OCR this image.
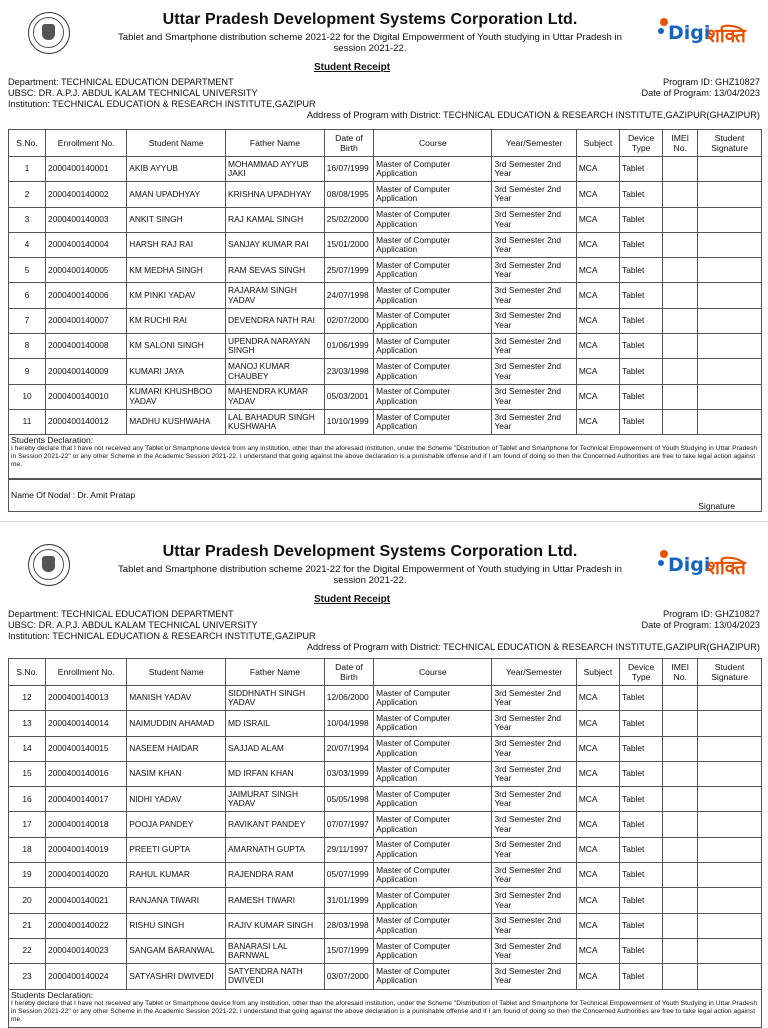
Uttar Pradesh Development Systems Corporation Ltd.
Tablet and Smartphone distribution scheme 2021-22 for the Digital Empowerment of Youth studying in Uttar Pradesh in
session 2021-22.
Digi
शक्ति
Student Receipt
Department: TECHNICAL EDUCATION DEPARTMENT
UBSC: DR. A.P.J. ABDUL KALAM TECHNICAL UNIVERSITY
Institution: TECHNICAL EDUCATION & RESEARCH INSTITUTE,GAZIPUR
Program ID: GHZ10827
Date of Program: 13/04/2023
Address of Program with District: TECHNICAL EDUCATION & RESEARCH INSTITUTE,GAZIPUR(GHAZIPUR)
S.No.	Enrollment No.	Student Name	Father Name	Date of Birth	Course	Year/Semester	Subject	Device Type	IMEI No.	Student Signature
1	2000400140001	AKIB AYYUB	MOHAMMAD AYYUB JAKI	16/07/1999	Master of Computer Application	3rd Semester 2nd Year	MCA	Tablet		
2	2000400140002	AMAN UPADHYAY	KRISHNA UPADHYAY	08/08/1995	Master of Computer Application	3rd Semester 2nd Year	MCA	Tablet		
3	2000400140003	ANKIT SINGH	RAJ KAMAL SINGH	25/02/2000	Master of Computer Application	3rd Semester 2nd Year	MCA	Tablet		
4	2000400140004	HARSH RAJ RAI	SANJAY KUMAR RAI	15/01/2000	Master of Computer Application	3rd Semester 2nd Year	MCA	Tablet		
5	2000400140005	KM MEDHA SINGH	RAM SEVAS SINGH	25/07/1999	Master of Computer Application	3rd Semester 2nd Year	MCA	Tablet		
6	2000400140006	KM PINKI YADAV	RAJARAM SINGH YADAV	24/07/1998	Master of Computer Application	3rd Semester 2nd Year	MCA	Tablet		
7	2000400140007	KM RUCHI RAI	DEVENDRA NATH RAI	02/07/2000	Master of Computer Application	3rd Semester 2nd Year	MCA	Tablet		
8	2000400140008	KM SALONI SINGH	UPENDRA NARAYAN SINGH	01/06/1999	Master of Computer Application	3rd Semester 2nd Year	MCA	Tablet		
9	2000400140009	KUMARI JAYA	MANOJ KUMAR CHAUBEY	23/03/1998	Master of Computer Application	3rd Semester 2nd Year	MCA	Tablet		
10	2000400140010	KUMARI KHUSHBOO YADAV	MAHENDRA KUMAR YADAV	05/03/2001	Master of Computer Application	3rd Semester 2nd Year	MCA	Tablet		
11	2000400140012	MADHU KUSHWAHA	LAL BAHADUR SINGH KUSHWAHA	10/10/1999	Master of Computer Application	3rd Semester 2nd Year	MCA	Tablet		
Students Declaration:
I hereby declare that I have not received any Tablet or Smartphone device from any institution, other than the aforesaid institution, under the Scheme "Distribution of Tablet and Smartphone for Technical Empowerment of Youth Studying in Uttar Pradesh in Session 2021-22" or any other Scheme in the Academic Session 2021-22. I understand that going against the above declaration is a punishable offense and if I am found of doing so then the Concerned Authorities are free to take legal action against me.
Name Of Nodal : Dr. Amit Pratap
Signature
Uttar Pradesh Development Systems Corporation Ltd.
Tablet and Smartphone distribution scheme 2021-22 for the Digital Empowerment of Youth studying in Uttar Pradesh in
session 2021-22.
Digi
शक्ति
Student Receipt
Department: TECHNICAL EDUCATION DEPARTMENT
UBSC: DR. A.P.J. ABDUL KALAM TECHNICAL UNIVERSITY
Institution: TECHNICAL EDUCATION & RESEARCH INSTITUTE,GAZIPUR
Program ID: GHZ10827
Date of Program: 13/04/2023
Address of Program with District: TECHNICAL EDUCATION & RESEARCH INSTITUTE,GAZIPUR(GHAZIPUR)
S.No.	Enrollment No.	Student Name	Father Name	Date of Birth	Course	Year/Semester	Subject	Device Type	IMEI No.	Student Signature
12	2000400140013	MANISH YADAV	SIDDHNATH SINGH YADAV	12/06/2000	Master of Computer Application	3rd Semester 2nd Year	MCA	Tablet		
13	2000400140014	NAIMUDDIN AHAMAD	MD ISRAIL	10/04/1998	Master of Computer Application	3rd Semester 2nd Year	MCA	Tablet		
14	2000400140015	NASEEM HAIDAR	SAJJAD ALAM	20/07/1994	Master of Computer Application	3rd Semester 2nd Year	MCA	Tablet		
15	2000400140016	NASIM KHAN	MD IRFAN KHAN	03/03/1999	Master of Computer Application	3rd Semester 2nd Year	MCA	Tablet		
16	2000400140017	NIDHI YADAV	JAIMURAT SINGH YADAV	05/05/1998	Master of Computer Application	3rd Semester 2nd Year	MCA	Tablet		
17	2000400140018	POOJA PANDEY	RAVIKANT PANDEY	07/07/1997	Master of Computer Application	3rd Semester 2nd Year	MCA	Tablet		
18	2000400140019	PREETI GUPTA	AMARNATH GUPTA	29/11/1997	Master of Computer Application	3rd Semester 2nd Year	MCA	Tablet		
19	2000400140020	RAHUL KUMAR	RAJENDRA RAM	05/07/1999	Master of Computer Application	3rd Semester 2nd Year	MCA	Tablet		
20	2000400140021	RANJANA TIWARI	RAMESH TIWARI	31/01/1999	Master of Computer Application	3rd Semester 2nd Year	MCA	Tablet		
21	2000400140022	RISHU SINGH	RAJIV KUMAR SINGH	28/03/1998	Master of Computer Application	3rd Semester 2nd Year	MCA	Tablet		
22	2000400140023	SANGAM BARANWAL	BANARASI LAL BARNWAL	15/07/1999	Master of Computer Application	3rd Semester 2nd Year	MCA	Tablet		
23	2000400140024	SATYASHRI DWIVEDI	SATYENDRA NATH DWIVEDI	03/07/2000	Master of Computer Application	3rd Semester 2nd Year	MCA	Tablet		
Students Declaration:
I hereby declare that I have not received any Tablet or Smartphone device from any institution, other than the aforesaid institution, under the Scheme "Distribution of Tablet and Smartphone for Technical Empowerment of Youth Studying in Uttar Pradesh in Session 2021-22" or any other Scheme in the Academic Session 2021-22. I understand that going against the above declaration is a punishable offense and if I am found of doing so then the Concerned Authorities are free to take legal action against me.
